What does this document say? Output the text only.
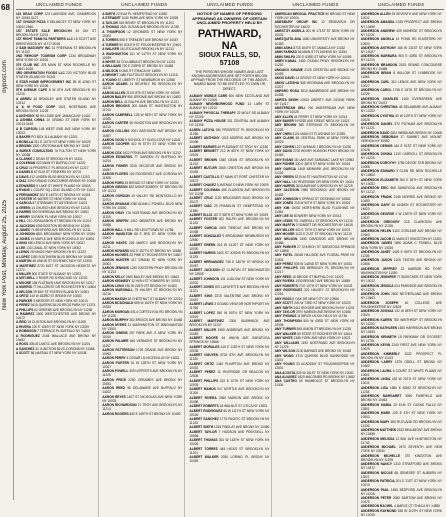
68
nypost.com
New York Post, Monday, August 25, 2025
UNCLAIMED FUNDS	UNCLAIMED FUNDS	UNCLAIMED FUNDS	UNCLAIMED FUNDS	UNCLAIMED FUNDS

123 DRAG CORP 123 LAKESIDE AVE, CINNBROOK NY 10940-5127

1ST CHOICE PIZZA 9 DELANCEY ST NEW YORK NY 10002-2846

1ST ESTATE SALE BROOKLYN 34 JAY ST BROOKLYN NY 11201

1ST RIGHT FAMILY& PARTNERS LLC 15 SCOTT AVE BRENTWOOD NY 11717-5018

2 SAM MASONRY INC 31 FREEMAN ST BROOKLYN NY 11222

2ND REHOOP TOURISM CORP 1234 BROADWAY NEW YORK NY 10001

375 CLUB INC 375 MAIN ST NEW ROCHELLE NY 10801-6318

3RD GENERATION FOODS LLC 220 VICTORY BLVD STATEN ISLAND NY 10301

5 STAR HOME IMPROVEMENT INC 55 W 42ND ST NEW YORK NY 10036

5TH AVENUE CAFE 8 W 5TH AVE BROOKLYN NY 11215

A ABREU 45 BRADLEY AVE STATEN ISLAND NY 10314

A & M FOOD CORP 1521 NOSTRAND AVE BROOKLYN NY 11226

A ANTHONY 88 HILLSIDE AVE JAMAICA NY 11432

A ASHIMA CHINA 10 GRAND ST NEW YORK NY 10013-4418

A B CARSON 145 WEST END AVE NEW YORK NY 10023

A BAKER PO BOX 114 ALBANY NY 12201

A BONILLA 311 E 112TH ST NEW YORK NY 10029

A BROWN 1820 CROTONA AVE BRONX NY 10457

A BURKE CONSULTING 76 FULTON ST NEW YORK NY 10038

A CLARKE 2 DEAN ST BROOKLYN NY 11201

A COLEMAN 522 MAIN ST BUFFALO NY 14202

A CRUZ 16 PROSPECT PL BROOKLYN NY 11217

A DANIELS 67 ELM ST YONKERS NY 10701

A DAVIS 412 LINDEN BLVD BROOKLYN NY 11203

A DIAZ 2390 GRAND CONCOURSE BRONX NY 10458

A EDWARDS 9 LAKE ST WHITE PLAINS NY 10603

A EVANS 1 COURT SQ LONG ISLAND CITY NY 11101

A FERNANDEZ 302 E 149TH ST BRONX NY 10451

A FOSTER 55 WATER ST NEW YORK NY 10041

A GARCIA 87 STEINWAY ST ASTORIA NY 11103

A GREEN 14 CHURCH AVE BROOKLYN NY 11218

A HARRIS 900 SHERIDAN AVE BRONX NY 10451

A HENRY 33 PARK PL NEW YORK NY 10007

A HILL 210 JORALEMON ST BROOKLYN NY 11201

A JACKSON 1055 BOSTON RD BRONX NY 10456

A JAMES 71 BEDFORD AVE BROOKLYN NY 11211

A JOHNSON 4801 BROADWAY NEW YORK NY 10034

A JONES 19 MAPLE AVE NEW ROCHELLE NY 10801

A KING 680 LENOX AVE NEW YORK NY 10037

A LEE 133 CANAL ST NEW YORK NY 10002

A LEWIS 25 KINGS HWY BROOKLYN NY 11223

A LOPEZ 1180 SOUTHERN BLVD BRONX NY 10459

A MARTIN 48 UNION ST SCHENECTADY NY 12305

A MARTINEZ 3720 81ST ST JACKSON HEIGHTS NY 11372

A MILLER 500 STATE ST ALBANY NY 12203

A MITCHELL 2 RIVER RD SYRACUSE NY 13202

A MOORE 156 FLATBUSH AVE BROOKLYN NY 11217

A MORRIS 77 HILLCREST DR ROCHESTER NY 14604

A NELSON 29 BAY ST STATEN ISLAND NY 10301

A ORTIZ 140 W 183RD ST BRONX NY 10453

A PARKER 3 MERCER ST NEW YORK NY 10013

A PEREZ 9410 QUEENS BLVD REGO PARK NY 11374

A PHILLIPS 62 GREENE AVE BROOKLYN NY 11238

A RAMIREZ 1500 WESTCHESTER AVE BRONX NY 10472

A REID 18 CLINTON AVE BROOKLYN NY 11205

A RIVERA 220 E 106TH ST NEW YORK NY 10029

A ROBINSON 7 TERRACE PL BUFFALO NY 14203

A RODRIGUEZ 2165 WALLACE AVE BRONX NY 10462

A ROSS 305 ATLANTIC AVE BROOKLYN NY 11201

A SANCHEZ 41 JUNCTION BLVD CORONA NY 11368

A SCOTT 86 NASSAU ST NEW YORK NY 10038

A SMITH 22 ELM PL HEMPSTEAD NY 11550

A STEWART 1040 PARK AVE NEW YORK NY 10028

A TAYLOR 315 HENRY ST BROOKLYN NY 11201

A THOMAS 2811 OCEAN AVE BROOKLYN NY 11235

A THOMPSON 12 ORCHARD ST NEW YORK NY 10002

A TORRES 555 E TREMONT AVE BRONX NY 10457

A TURNER 90 SOUTH ST POUGHKEEPSIE NY 12601

A WALKER 16 UTICA AVE BROOKLYN NY 11213

A WASHINGTON 101 W 147TH ST NEW YORK NY 10039

A WHITE 38 COLUMBIA ST BROOKLYN NY 11231

A WILLIAMS 720 E 233RD ST BRONX NY 10466

A WILSON 5 OAK ST ITHACA NY 14850

A WRIGHT 1480 FULTON ST BROOKLYN NY 11216

A YOUNG 67 LIBERTY ST NEWBURGH NY 12550

AARON ADAMS 14 BEVERLY RD BROOKLYN NY 11218

AARON ALLEN 213 E 8TH ST NEW YORK NY 10009

AARON BAILEY 950 JEROME AVE BRONX NY 10452

AARON BELL 41 RALPH AVE BROOKLYN NY 11221

AARON BROOKS 300 MAIN ST HUNTINGTON NY 11743

AARON CAMPBELL 125 W 96TH ST NEW YORK NY 10025

AARON CARTER 60 KINGSTON AVE BROOKLYN NY 11213

AARON COLLINS 2001 BATHGATE AVE BRONX NY 10457

AARON COOK 8 SCHOOL ST GLEN COVE NY 11542

AARON COOPER 410 W 57TH ST NEW YORK NY 10019

AARON COX 1622 PITKIN AVE BROOKLYN NY 11212

AARON EDWARDS 77 GARDEN ST BUFFALO NY 14214

AARON FISHER 3215 DECATUR AVE BRONX NY 10467

AARON FLORES 102 ROOSEVELT AVE CORONA NY 11368

AARON FORD 45 BROAD ST NEW YORK NY 10004

AARON GIBSON 820 MONTGOMERY ST BROOKLYN NY 11213

AARON GORDON 19 VALLEY RD MONTICELLO NY 12701

AARON GRAHAM 2350 ADAM C POWELL BLVD NEW YORK NY 10030

AARON GRAY 176 NOSTRAND AVE BROOKLYN NY 11205

AARON GRIFFIN 1310 WEBSTER AVE BRONX NY 10456

AARON HALL 5 MILL RD LEVITTOWN NY 11756

AARON HAMILTON 88 E 3RD ST NEW YORK NY 10003

AARON HAYES 245 MARCY AVE BROOKLYN NY 11211

AARON HOWARD 601 E 187TH ST BRONX NY 10458

AARON HUGHES 33 PINE ST ROCHESTER NY 14607

AARON HUNTER 417 GRAND ST NEW YORK NY 10002

AARON JENKINS 1230 EASTERN PKWY BROOKLYN NY 11213

AARON KELLY 2840 BAILEY AVE BRONX NY 10463

AARON KENNEDY 12 HIGH ST YONKERS NY 10703

AARON LONG 150 W 225TH ST BRONX NY 10463

AARON MARSHALL 79 HALSEY ST BROOKLYN NY 11216

AARON MASON 18 CHESTNUT ST ALBANY NY 12210

AARON MCDONALD 655 W 160TH ST NEW YORK NY 10032

AARON MORGAN 1914 CORTELYOU RD BROOKLYN NY 11226

AARON MURPHY 302 BRIGGS AVE BRONX NY 10458

AARON MYERS 11 WASHINGTON ST BINGHAMTON NY 13901

AARON OWENS 257 PARK AVE S NEW YORK NY 10010

AARON PALMER 640 VERMONT ST BROOKLYN NY 11207

AARON PATTERSON 1725 GRAND AVE BRONX NY 10453

AARON PERRY 4 CEDAR LN HICKSVILLE NY 11801

AARON PORTER 51 W 128TH ST NEW YORK NY 10027

AARON POWELL 309 LEFFERTS AVE BROOKLYN NY 11225

AARON PRICE 2250 CREAMES AVE BRONX NY 10453

AARON REED 96 DELAWARE AVE BUFFALO NY 14202

AARON REYES 1407 ST NICHOLAS AVE NEW YORK NY 10033

AARON RICHARDSON 71 TROY AVE BROOKLYN NY 11213

AARON ROGERS 840 E 169TH ST BRONX NY 10459

NOTICE OF NAMES OF PERSONS APPEARING AS OWNERS OF CERTAIN UNCLAIMED PROPERTY HELD BY
PATHWARD, NA
SIOUX FALLS, SD, 57108
THE PERSONS WHOSE NAMES AND LAST KNOWN ADDRESSES ARE SET FORTH BELOW APPEAR FROM THE RECORDS OF THE ABOVE-NAMED BANK TO BE ENTITLED TO OWN OR DIRECT.

ALBANY MOBILE CARE 500 NEW SCOTLAND AVE ALBANY NY 12208

ALBANY NEIGHBORHOOD FUND 14 LARK ST ALBANY NY 12210

ALBANY PHYSICAL THERAPY 22 WOLF RD ALBANY NY 12205

ALBANY PIZZA HOUSE 331 CENTRAL AVE ALBANY NY 12206

ALBEN LATOYA 280 PROSPECT PL BROOKLYN NY 11238

ALBERT ANTHONY 1015 MORRIS AVE BRONX NY 10456

ALBERT BARNES 66 PLEASANT ST TROY NY 12180

ALBERT BENNETT 212 W 80TH ST NEW YORK NY 10024

ALBERT BROWN 1540 DEAN ST BROOKLYN NY 11213

ALBERT BUTLER 2065 CRESTON AVE BRONX NY 10453

ALBERT CASTILLO 37 MAIN ST PORT CHESTER NY 10573

ALBERT CHAVEZ 5 AVENUE D NEW YORK NY 10009

ALBERT COLEMAN 455 CLASSON AVE BROOKLYN NY 11238

ALBERT CRUZ 1120 BRUCKNER BLVD BRONX NY 10472

ALBERT DIAZ 29 FRANKLIN ST HEMPSTEAD NY 11550

ALBERT ELLIS 187 E 98TH ST NEW YORK NY 10029

ALBERT FOSTER 622 RALPH AVE BROOKLYN NY 11233

ALBERT GARCIA 2400 TIEBOUT AVE BRONX NY 10458

ALBERT GONZALEZ 9 BROADWAY NEWBURGH NY 12550

ALBERT GREEN 315 W 141ST ST NEW YORK NY 10030

ALBERT HARRIS 1602 ST JOHNS PL BROOKLYN NY 11233

ALBERT HERNANDEZ 745 E 180TH ST BRONX NY 10457

ALBERT JACKSON 42 CLINTON ST BINGHAMTON NY 13905

ALBERT JOHNSON 101 LUDLOW ST NEW YORK NY 10002

ALBERT JONES 870 LAFAYETTE AVE BROOKLYN NY 11221

ALBERT KING 2215 VALENTINE AVE BRONX NY 10457

ALBERT LEWIS 3 SOUND VIEW DR NORTHPORT NY 11768

ALBERT LOPEZ 540 W 50TH ST NEW YORK NY 10019

ALBERT MARTINEZ 1304 BUSHWICK AVE BROOKLYN NY 11207

ALBERT MILLER 1980 ANDREWS AVE BRONX NY 10453

ALBERT MOORE 64 UNION AVE SARATOGA SPRINGS NY 12866

ALBERT MORALES 415 E 118TH ST NEW YORK NY 10035

ALBERT NGUYEN 5702 8TH AVE BROOKLYN NY 11220

ALBERT ORTIZ 1440 PLIMPTON AVE BRONX NY 10452

ALBERT PEREZ 11 RIVERSIDE DR BEACON NY 12508

ALBERT PHILLIPS 222 E 10TH ST NEW YORK NY 10003

ALBERT RAMOS 917 MYRTLE AVE BROOKLYN NY 11206

ALBERT RIVERA 2560 MARION AVE BRONX NY 10458

ALBERT ROBERTS 18 WALNUT ST UTICA NY 13501

ALBERT RODRIGUEZ 60 W 111TH ST NEW YORK NY 10026

ALBERT SANCHEZ 1775 PACIFIC ST BROOKLYN NY 11233

ALBERT SMITH 1245 FINDLAY AVE BRONX NY 10456

ALBERT TAYLOR 7 HUDSON AVE PEEKSKILL NY 10566

ALBERT THOMAS 301 W 118TH ST NEW YORK NY 10026

ALBERT TORRES 445 HICKS ST BROOKLYN NY 11201

ALBERT WALKER 2030 LORING PL BRONX NY 10453

AMERICAN MEDICAL PRACTICE 80 BROAD ST NEW YORK NY 10004

AMESBURY GROUP INC 12 RESEARCH DR ROCHESTER NY 14623

AMESTOY ANGELA 301 W 171ST ST NEW YORK NY 10032

AMEZQUITA ANA 1680 UNIVERSITY AVE BRONX NY 10453

AMIN ASHA 8715 164TH ST JAMAICA NY 11432

AMIN FARHAD 36 MAIN ST FLUSHING NY 11354

AMIN SHILPA 220 E 63RD ST NEW YORK NY 10065

AMIRI KAMAL 1450 OCEAN PKWY BROOKLYN NY 11230

AMOAKO KWAME 2125 CRESTON AVE BRONX NY 10453

AMOS DAVID 14 GROVE ST NEW YORK NY 10014

AMOS LATISHA 555 HEGEMAN AVE BROOKLYN NY 11207

AMPARO ROSA 3010 BAINBRIDGE AVE BRONX NY 10458

AMRITA SINGH 10410 LIBERTY AVE OZONE PARK NY 11417

AMSTERDAM DELI 760 AMSTERDAM AVE NEW YORK NY 10025

AMY ALLEN 44 PERRY ST NEW YORK NY 10014

AMY BAKER 9 ROSE AVE GREAT NECK NY 11021

AMY BROWN 380 STERLING PL BROOKLYN NY 11238

AMY CHEN 4101 MAIN ST FLUSHING NY 11355

AMY CLARK 65 CENTRAL PARK W NEW YORK NY 10023

AMY COHEN 1217 AVENUE J BROOKLYN NY 11230

AMY DAVIS 2700 HENRY HUDSON PKWY BRONX NY 10463

AMY EVANS 18 LAKE AVE SARANAC LAKE NY 12983

AMY FISHER 330 E 38TH ST NEW YORK NY 10016

AMY GARCIA 1408 NEWKIRK AVE BROOKLYN NY 11226

AMY GREEN 52 ELM ST HUNTINGTON NY 11743

AMY HALL 140 RIVERSIDE DR NEW YORK NY 10024

AMY HARRIS 2815 AVENUE U BROOKLYN NY 11229

AMY JACKSON 1980 SEDGWICK AVE BRONX NY 10453

AMY JOHNSON 6 SPRING ST OSSINING NY 10562

AMY JONES 215 W 90TH ST NEW YORK NY 10024

AMY KIM 15002 NORTHERN BLVD FLUSHING NY 11354

AMY LEE 88 BOWERY NEW YORK NY 10013

AMY LEWIS 701 CARROLL ST BROOKLYN NY 11215

AMY MARTIN 3 SUNSET DR ROCHESTER NY 14618

AMY MILLER 400 E 70TH ST NEW YORK NY 10021

AMY MOORE 1122 E 21ST ST BROOKLYN NY 11210

AMY NELSON 2490 DAVIDSON AVE BRONX NY 10468

AMY PARKER 27 CHURCH ST SARATOGA SPRINGS NY 12866

AMY PATEL 26018 HILLSIDE AVE FLORAL PARK NY 11004

AMY PEREZ 505 W 142ND ST NEW YORK NY 10031

AMY PHILLIPS 198 BERKELEY PL BROOKLYN NY 11217

AMY REED 15 BROOK ST BUFFALO NY 14222

AMY RIVERA 1030 BRYANT AVE BRONX NY 10459

AMY ROBERTS 70 E 10TH ST NEW YORK NY 10003

AMY RODRIGUEZ 321 HALSEY ST BROOKLYN NY 11216

AMY ROSS 8 OAK DR NEW CITY NY 10956

AMY SCOTT 240 W 73RD ST NEW YORK NY 10023

AMY SMITH 3411 SNYDER AVE BROOKLYN NY 11203

AMY TAYLOR 2970 MARION AVE BRONX NY 10458

AMY THOMAS 11 BIRCH LN DIX HILLS NY 11746

AMY THOMPSON 500 W 43RD ST NEW YORK NY 10036

AMY TURNER 845 UNION ST BROOKLYN NY 11215

AMY WALKER 60 STATE ST ROCHESTER NY 14614

AMY WHITE 1385 YORK AVE NEW YORK NY 10021

AMY WILLIAMS 1190 NOSTRAND AVE BROOKLYN NY 11225

AMY WILSON 2100 BARNES AVE BRONX NY 10462

AMY WONG 4710 QUEENS BLVD SUNNYSIDE NY 11104

AMY YOUNG 33 ACADEMY ST POUGHKEEPSIE NY 12601

ANA ACOSTA 525 W 151ST ST NEW YORK NY 10031

ANA ALVAREZ 1620 MACOMBS RD BRONX NY 10452

ANA CASTRO 95 HUMBOLDT ST BROOKLYN NY 11206

ANDERSON ALLEN 25 SEVENTH AVE NEW YORK NY 10011

ANDERSON AMANDA 1325 PROSPECT AVE BRONX NY 10459

ANDERSON ANDREW 409 MONROE ST BROOKLYN NY 11221

ANDERSON ANGELA 14 POND RD ELMSFORD NY 10523

ANDERSON ANTHONY 165 W 131ST ST NEW YORK NY 10027

ANDERSON BARBARA 960 E 43RD ST BROOKLYN NY 11210

ANDERSON BRANDON 2425 GRAND CONCOURSE BRONX NY 10468

ANDERSON BRIAN 8 WILLOW ST LYNBROOK NY 11563

ANDERSON CARL 310 LENOX AVE NEW YORK NY 10027

ANDERSON CAROL 1745 E 15TH ST BROOKLYN NY 11229

ANDERSON CHARLES 1160 EVERGREEN AVE BRONX NY 10472

ANDERSON CHRISTINA 45 DELAWARE AVE ALBANY NY 12202

ANDERSON CYNTHIA 80 W 119TH ST NEW YORK NY 10026

ANDERSON DANIEL 572 PUTNAM AVE BROOKLYN NY 11221

ANDERSON DAVID 2811 WEBB AVE BRONX NY 10468

ANDERSON DEBORAH 17 SUMMIT AVE MOUNT VERNON NY 10550

ANDERSON DENNIS 444 E 91ST ST NEW YORK NY 10128

ANDERSON DONNA 1210 CARROLL ST BROOKLYN NY 11225

ANDERSON DOROTHY 1755 DEVOE TER BRONX NY 10468

ANDERSON EDWARD 9 GLEN RD NEW ROCHELLE NY 10804

ANDERSON ELIZABETH 300 E 54TH ST NEW YORK NY 10022

ANDERSON ERIC 865 SARATOGA AVE BROOKLYN NY 11212

ANDERSON FRANK 2145 MORRIS AVE BRONX NY 10453

ANDERSON GARY 55 LINDEN ST ROCHESTER NY 14620

ANDERSON GEORGE 2 W 139TH ST NEW YORK NY 10037

ANDERSON GREGORY 215 CLARKSON AVE BROOKLYN NY 11226

ANDERSON HELEN 3100 CORLEAR AVE BRONX NY 10463

ANDERSON JACOB 61 MAIN ST KINGSTON NY 12401

ANDERSON JAMES 1890 ADAM C POWELL BLVD NEW YORK NY 10026

ANDERSON JANET 1425 E 96TH ST BROOKLYN NY 11236

ANDERSON JASON 1105 TINTON AVE BRONX NY 10456

ANDERSON JEFFREY 23 HARBOR RD PORT WASHINGTON NY 11050

ANDERSON JENNIFER 77 BLEECKER ST NEW YORK NY 10012

ANDERSON JESSICA 514 PARKSIDE AVE BROOKLYN NY 11226

ANDERSON JOHN 2600 NETHERLAND AVE BRONX NY 10463

ANDERSON JOSEPH 40 COLLEGE AVE POUGHKEEPSIE NY 12603

ANDERSON JOSHUA 102 W 85TH ST NEW YORK NY 10024

ANDERSON KAREN 780 WINTHROP ST BROOKLYN NY 11203

ANDERSON KATHLEEN 1820 HARRISON AVE BRONX NY 10453

ANDERSON KENNETH 15 PARKWAY DR SYOSSET NY 11791

ANDERSON KEVIN 2240 FIRST AVE NEW YORK NY 10029

ANDERSON KIMBERLY 1032 PROSPECT PL BROOKLYN NY 11213

ANDERSON LARRY 1575 ODELL ST BRONX NY 10462

ANDERSON LAURA 6 COURT ST WHITE PLAINS NY 10601

ANDERSON LINDA 418 W 20TH ST NEW YORK NY 10011

ANDERSON LISA 1580 E 52ND ST BROOKLYN NY 11234

ANDERSON MARGARET 3050 FAIRFIELD AVE BRONX NY 10463

ANDERSON MARIA 29 ELM ST GLENS FALLS NY 12801

ANDERSON MARK 125 E 4TH ST NEW YORK NY 10003

ANDERSON MARY 690 RUTLAND RD BROOKLYN NY 11203

ANDERSON MATTHEW 2333 BEAUMONT AVE BRONX NY 10458

ANDERSON MELISSA 12 BAY AVE HUNTINGTON NY 11743

ANDERSON MICHAEL 2470 SEVENTH AVE NEW YORK NY 10030

ANDERSON MICHELLE 370 KINGSTON AVE BROOKLYN NY 11225

ANDERSON NANCY 1310 STRATFORD AVE BRONX NY 10472

ANDERSON NICOLE 88 GENESEE ST AUBURN NY 13021

ANDERSON PATRICIA 201 E 21ST ST NEW YORK NY 10010

ANDERSON PAUL 1455 BEDFORD AVE BROOKLYN NY 11216

ANDERSON PETER 2080 BARTOW AVE BRONX NY 10475

ANDERSON RACHEL 4 MAPLE CT ITHACA NY 14850

ANDERSON RAYMOND 535 W 110TH ST NEW YORK NY 10025
